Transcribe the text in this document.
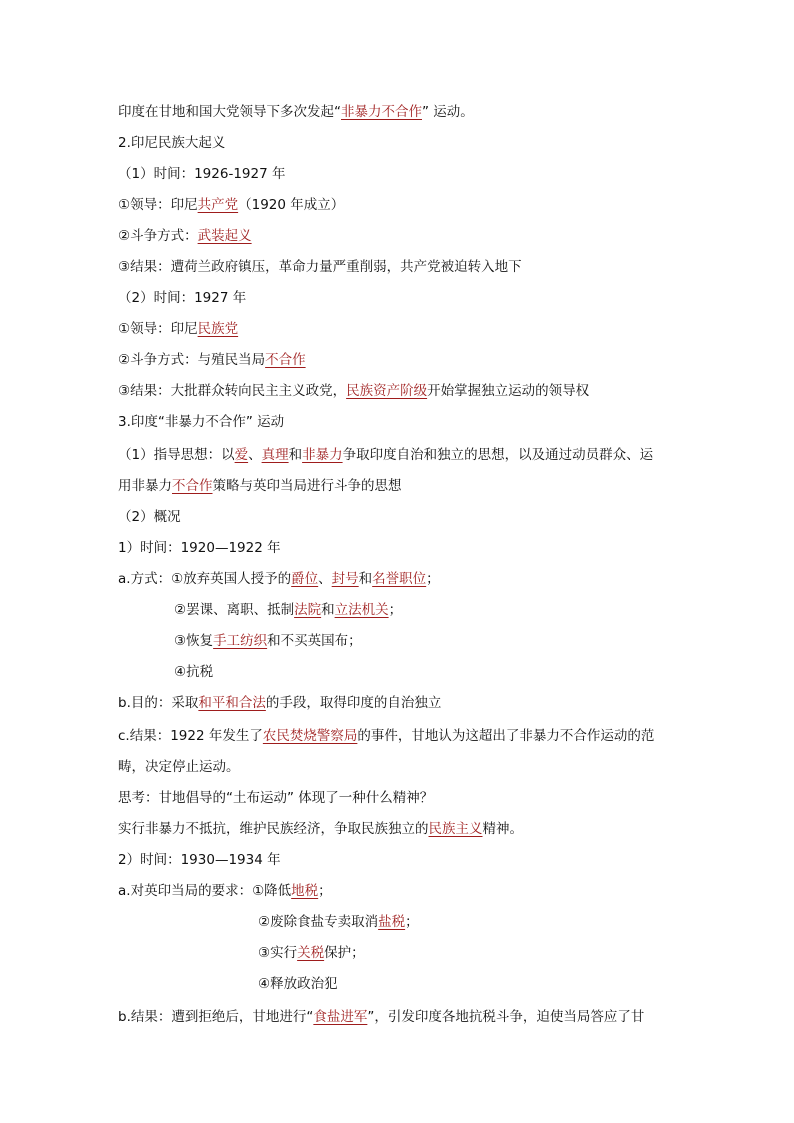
印度在甘地和国大党领导下多次发起“非暴力不合作” 运动。
2.印尼民族大起义
（1）时间：1926-1927 年
①领导：印尼共产党（1920 年成立）
②斗争方式：武装起义
③结果：遭荷兰政府镇压，革命力量严重削弱，共产党被迫转入地下
（2）时间：1927 年
①领导：印尼民族党
②斗争方式：与殖民当局不合作
③结果：大批群众转向民主主义政党，民族资产阶级开始掌握独立运动的领导权
3.印度“非暴力不合作” 运动
（1）指导思想：以爱、真理和非暴力争取印度自治和独立的思想，以及通过动员群众、运
用非暴力不合作策略与英印当局进行斗争的思想
（2）概况
1）时间：1920—1922 年
a.方式：①放弃英国人授予的爵位、封号和名誉职位；
②罢课、离职、抵制法院和立法机关；
③恢复手工纺织和不买英国布；
④抗税
b.目的：采取和平和合法的手段，取得印度的自治独立
c.结果：1922 年发生了农民焚烧警察局的事件，甘地认为这超出了非暴力不合作运动的范
畴，决定停止运动。
思考：甘地倡导的“土布运动” 体现了一种什么精神？
实行非暴力不抵抗，维护民族经济，争取民族独立的民族主义精神。
2）时间：1930—1934 年
a.对英印当局的要求：①降低地税；
②废除食盐专卖取消盐税；
③实行关税保护；
④释放政治犯
b.结果：遭到拒绝后，甘地进行“食盐进军”，引发印度各地抗税斗争，迫使当局答应了甘
